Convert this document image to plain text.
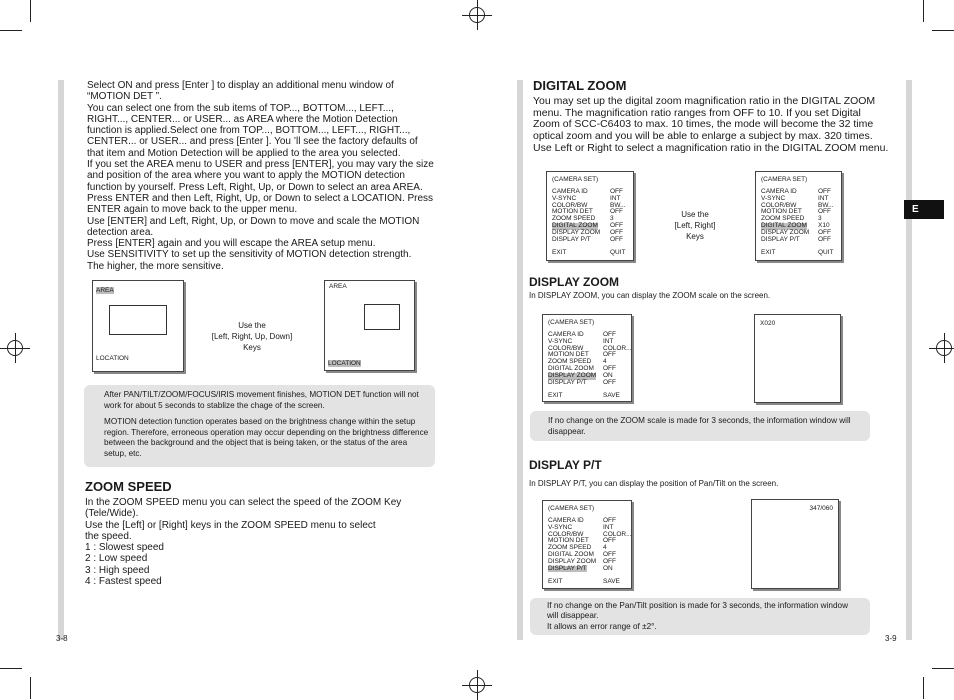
E
Select ON and press [Enter ] to display an additional menu window of
“MOTION DET ”.
You can select one from the sub items of TOP..., BOTTOM..., LEFT...,
RIGHT..., CENTER... or USER... as AREA where the Motion Detection
function is applied.Select one from TOP..., BOTTOM..., LEFT..., RIGHT...,
CENTER... or USER... and press [Enter ]. You ’ll see the factory defaults of
that item and Motion Detection will be applied to the area you selected.
If you set the AREA menu to USER and press [ENTER], you may vary the size
and position of the area where you want to apply the MOTION detection
function by yourself. Press Left, Right, Up, or Down to select an area AREA.
Press ENTER and then Left, Right, Up, or Down to select a LOCATION. Press
ENTER again to move back to the upper menu.
Use [ENTER] and Left, Right, Up, or Down to move and scale the MOTION
detection area.
Press [ENTER] again and you will escape the AREA setup menu.
Use SENSITIVITY to set up the sensitivity of MOTION detection strength.
The higher, the more sensitive.
AREA
LOCATION
Use the
[Left, Right, Up, Down]
Keys
AREA
LOCATION

After PAN/TILT/ZOOM/FOCUS/IRIS movement finishes, MOTION DET function will not work for about 5 seconds to stablize the chage of the screen.

MOTION detection function operates based on the brightness change within the setup region. Therefore, erroneous operation may occur depending on the brightness difference between the background and the object that is being taken, or the status of the area setup, etc.

ZOOM SPEED
In the ZOOM SPEED menu you can select the speed of the ZOOM Key
(Tele/Wide).
Use the [Left] or [Right] keys in the ZOOM SPEED menu to select
the speed.
1 : Slowest speed
2 : Low speed
3 : High speed
4 : Fastest speed
3-8
DIGITAL ZOOM
You may set up the digital zoom magnification ratio in the DIGITAL ZOOM
menu. The magnification ratio ranges from OFF to 10. If you set Digital
Zoom of SCC-C6403 to max. 10 times, the mode will become the 32 time
optical zoom and you will be able to enlarge a subject by max. 320 times.
Use Left or Right to select a magnification ratio in the DIGITAL ZOOM menu.
(CAMERA SET)
CAMERA ID	OFF
V-SYNC	INT
COLOR/BW	BW...
MOTION DET	OFF
ZOOM SPEED 3
DIGITAL ZOOM OFF
DISPLAY ZOOM OFF
DISPLAY P/T	OFF
EXIT	QUIT
Use the
[Left, Right]
Keys
(CAMERA SET)
CAMERA ID	OFF
V-SYNC	INT
COLOR/BW	BW...
MOTION DET OFF
ZOOM SPEED 3
DIGITAL ZOOM X10
DISPLAY ZOOM OFF
DISPLAY P/T	OFF
EXIT	QUIT
DISPLAY ZOOM
In DISPLAY ZOOM, you can display the ZOOM scale on the screen.
(CAMERA SET)
CAMERA ID	OFF
V-SYNC	INT
COLOR/BW	COLOR...
MOTION DET OFF
ZOOM SPEED 4
DIGITAL ZOOM OFF
DISPLAY ZOOM ON
DISPLAY P/T OFF
EXIT	SAVE
X020

If no change on the ZOOM scale is made for 3 seconds, the information window will disappear.

DISPLAY P/T
In DISPLAY P/T, you can display the position of Pan/Tilt on the screen.
(CAMERA SET)
CAMERA ID	OFF
V-SYNC	INT
COLOR/BW	COLOR...
MOTION DET OFF
ZOOM SPEED 4
DIGITAL ZOOM OFF
DISPLAY ZOOM OFF
DISPLAY P/T ON
EXIT	SAVE
347/060

If no change on the Pan/Tilt position is made for 3 seconds, the information window
will disappear.
It allows an error range of ±2°.

3-9
